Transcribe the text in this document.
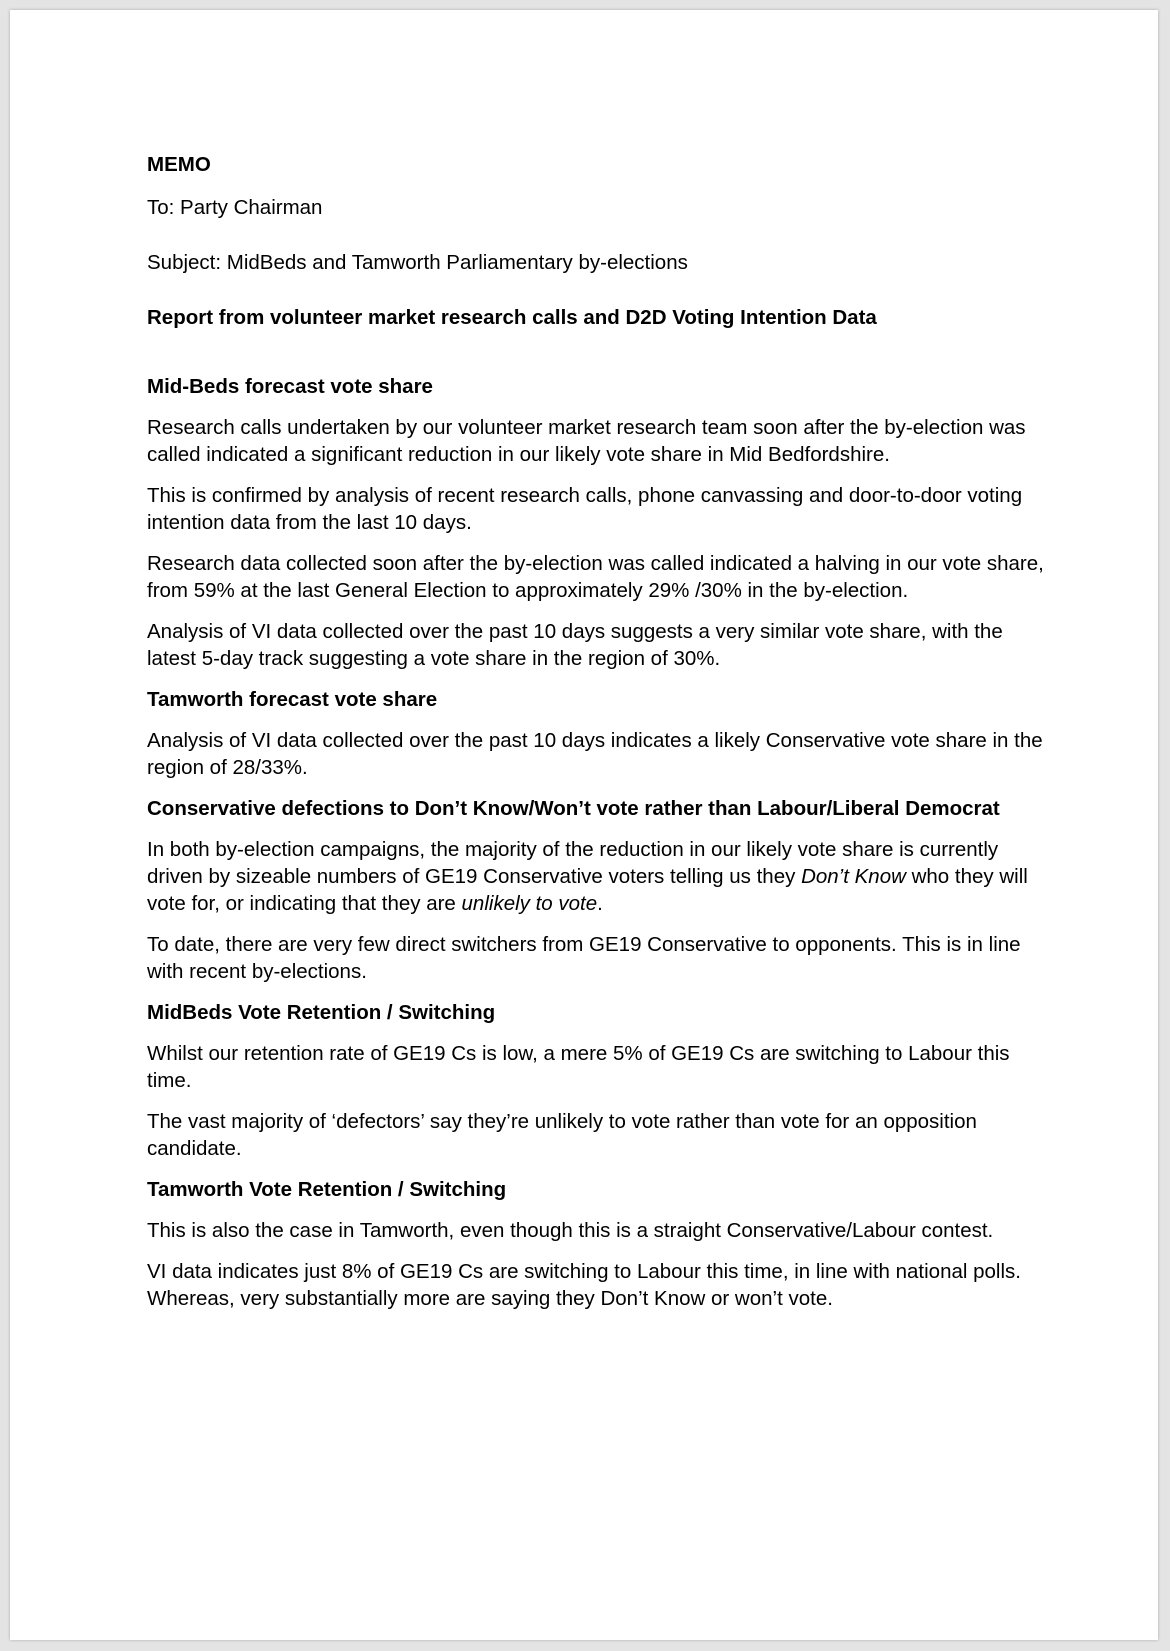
MEMO
To: Party Chairman
Subject: MidBeds and Tamworth Parliamentary by-elections
Report from volunteer market research calls and D2D Voting Intention Data
Mid-Beds forecast vote share

Research calls undertaken by our volunteer market research team soon after the by-election was called indicated a significant reduction in our likely vote share in Mid Bedfordshire.

This is confirmed by analysis of recent research calls, phone canvassing and door-to-door voting intention data from the last 10 days.

Research data collected soon after the by-election was called indicated a halving in our vote share, from 59% at the last General Election to approximately 29% /30% in the by-election.

Analysis of VI data collected over the past 10 days suggests a very similar vote share, with the latest 5-day track suggesting a vote share in the region of 30%.

Tamworth forecast vote share

Analysis of VI data collected over the past 10 days indicates a likely Conservative vote share in the region of 28/33%.

Conservative defections to Don’t Know/Won’t vote rather than Labour/Liberal Democrat

In both by-election campaigns, the majority of the reduction in our likely vote share is currently driven by sizeable numbers of GE19 Conservative voters telling us they Don’t Know who they will vote for, or indicating that they are unlikely to vote.

To date, there are very few direct switchers from GE19 Conservative to opponents. This is in line with recent by-elections.

MidBeds Vote Retention / Switching

Whilst our retention rate of GE19 Cs is low, a mere 5% of GE19 Cs are switching to Labour this time.

The vast majority of ‘defectors’ say they’re unlikely to vote rather than vote for an opposition candidate.

Tamworth Vote Retention / Switching

This is also the case in Tamworth, even though this is a straight Conservative/Labour contest.

VI data indicates just 8% of GE19 Cs are switching to Labour this time, in line with national polls. Whereas, very substantially more are saying they Don’t Know or won’t vote.
